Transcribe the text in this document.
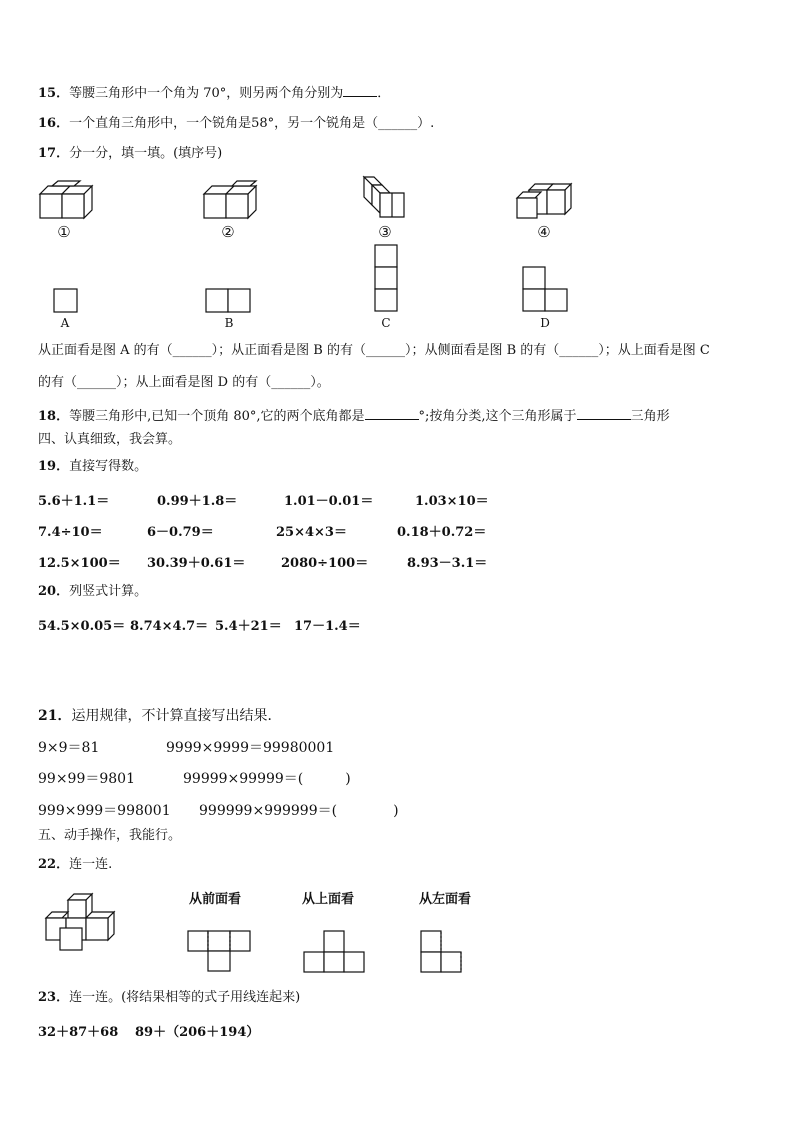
15．等腰三角形中一个角为 70°，则另两个角分别为	．
16．一个直角三角形中，一个锐角是58°，另一个锐角是（______）.
17．分一分，填一填。(填序号)
①	②	③	④
A	B	C	D
从正面看是图 A 的有（______）；从正面看是图 B 的有（______）；从侧面看是图 B 的有（______）；从上面看是图 C
的有（______）；从上面看是图 D 的有（______）。
18．等腰三角形中,已知一个顶角 80°,它的两个底角都是	°;按角分类,这个三角形属于	三角形
四、认真细致，我会算。
19．直接写得数。
5.6＋1.1＝	0.99＋1.8＝	1.01－0.01＝	1.03×10＝
7.4÷10＝	6－0.79＝	25×4×3＝	0.18＋0.72＝
12.5×100＝ 30.39＋0.61＝	2080÷100＝	8.93－3.1＝
20．列竖式计算。
54.5×0.05＝ 8.74×4.7＝ 5.4＋21＝ 17－1.4＝
21．运用规律，不计算直接写出结果．
9×9＝81	9999×9999＝99980001
99×99＝9801	99999×99999＝(　　　)
999×999＝998001 999999×999999＝(　　　　)
五、动手操作，我能行。
22．连一连.
从前面看	从上面看	从左面看
23．连一连。(将结果相等的式子用线连起来)
32＋87＋68 89＋（206＋194）
